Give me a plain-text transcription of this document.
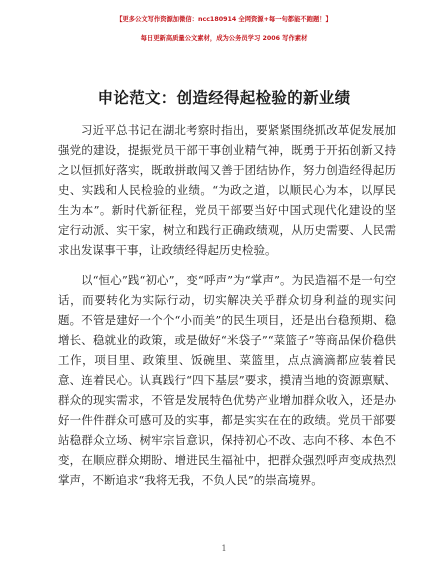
【更多公文写作资源加微信：ncc180914 全网资源+每一句都能不跑题！】
每日更新高质量公文素材，成为公务员学习 2006 写作素材
申论范文：创造经得起检验的新业绩

习近平总书记在湖北考察时指出，要紧紧围绕抓改革促发展加强党的建设，提振党员干部干事创业精气神，既勇于开拓创新又持之以恒抓好落实，既敢拼敢闯又善于团结协作，努力创造经得起历史、实践和人民检验的业绩。“为政之道，以顺民心为本，以厚民生为本”。新时代新征程，党员干部要当好中国式现代化建设的坚定行动派、实干家，树立和践行正确政绩观，从历史需要、人民需求出发谋事干事，让政绩经得起历史检验。

以“恒心”践“初心”，变“呼声”为“掌声”。为民造福不是一句空话，而要转化为实际行动，切实解决关乎群众切身利益的现实问题。不管是建好一个个“小而美”的民生项目，还是出台稳预期、稳增长、稳就业的政策，或是做好“米袋子”“菜篮子”等商品保价稳供工作，项目里、政策里、饭碗里、菜篮里，点点滴滴都应装着民意、连着民心。认真践行“四下基层”要求，摸清当地的资源禀赋、群众的现实需求，不管是发展特色优势产业增加群众收入，还是办好一件件群众可感可及的实事，都是实实在在的政绩。党员干部要站稳群众立场、树牢宗旨意识，保持初心不改、志向不移、本色不变，在顺应群众期盼、增进民生福祉中，把群众强烈呼声变成热烈掌声，不断追求“我将无我，不负人民”的崇高境界。

1
